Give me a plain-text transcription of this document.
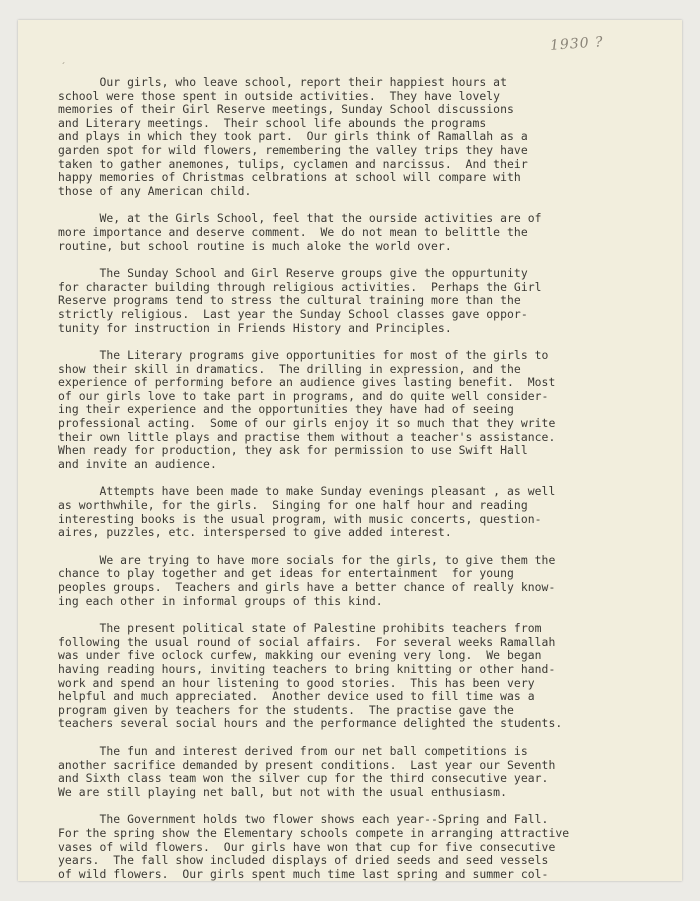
1930 ?
´
Our girls, who leave school, report their happiest hours at
school were those spent in outside activities.  They have lovely
memories of their Girl Reserve meetings, Sunday School discussions
and Literary meetings.  Their school life abounds the programs
and plays in which they took part.  Our girls think of Ramallah as a
garden spot for wild flowers, remembering the valley trips they have
taken to gather anemones, tulips, cyclamen and narcissus.  And their
happy memories of Christmas celbrations at school will compare with
those of any American child.
We, at the Girls School, feel that the ourside activities are of
more importance and deserve comment.  We do not mean to belittle the
routine, but school routine is much aloke the world over.
The Sunday School and Girl Reserve groups give the oppurtunity
for character building through religious activities.  Perhaps the Girl
Reserve programs tend to stress the cultural training more than the
strictly religious.  Last year the Sunday School classes gave oppor-
tunity for instruction in Friends History and Principles.
The Literary programs give opportunities for most of the girls to
show their skill in dramatics.  The drilling in expression, and the
experience of performing before an audience gives lasting benefit.  Most
of our girls love to take part in programs, and do quite well consider-
ing their experience and the opportunities they have had of seeing
professional acting.  Some of our girls enjoy it so much that they write
their own little plays and practise them without a teacher's assistance.
When ready for production, they ask for permission to use Swift Hall
and invite an audience.
Attempts have been made to make Sunday evenings pleasant , as well
as worthwhile, for the girls.  Singing for one half hour and reading
interesting books is the usual program, with music concerts, question-
aires, puzzles, etc. interspersed to give added interest.
We are trying to have more socials for the girls, to give them the
chance to play together and get ideas for entertainment  for young
peoples groups.  Teachers and girls have a better chance of really know-
ing each other in informal groups of this kind.
The present political state of Palestine prohibits teachers from
following the usual round of social affairs.  For several weeks Ramallah
was under five oclock curfew, makking our evening very long.  We began
having reading hours, inviting teachers to bring knitting or other hand-
work and spend an hour listening to good stories.  This has been very
helpful and much appreciated.  Another device used to fill time was a
program given by teachers for the students.  The practise gave the
teachers several social hours and the performance delighted the students.
The fun and interest derived from our net ball competitions is
another sacrifice demanded by present conditions.  Last year our Seventh
and Sixth class team won the silver cup for the third consecutive year.
We are still playing net ball, but not with the usual enthusiasm.
The Government holds two flower shows each year--Spring and Fall.
For the spring show the Elementary schools compete in arranging attractive
vases of wild flowers.  Our girls have won that cup for five consecutive
years.  The fall show included displays of dried seeds and seed vessels
of wild flowers.  Our girls spent much time last spring and summer col-
